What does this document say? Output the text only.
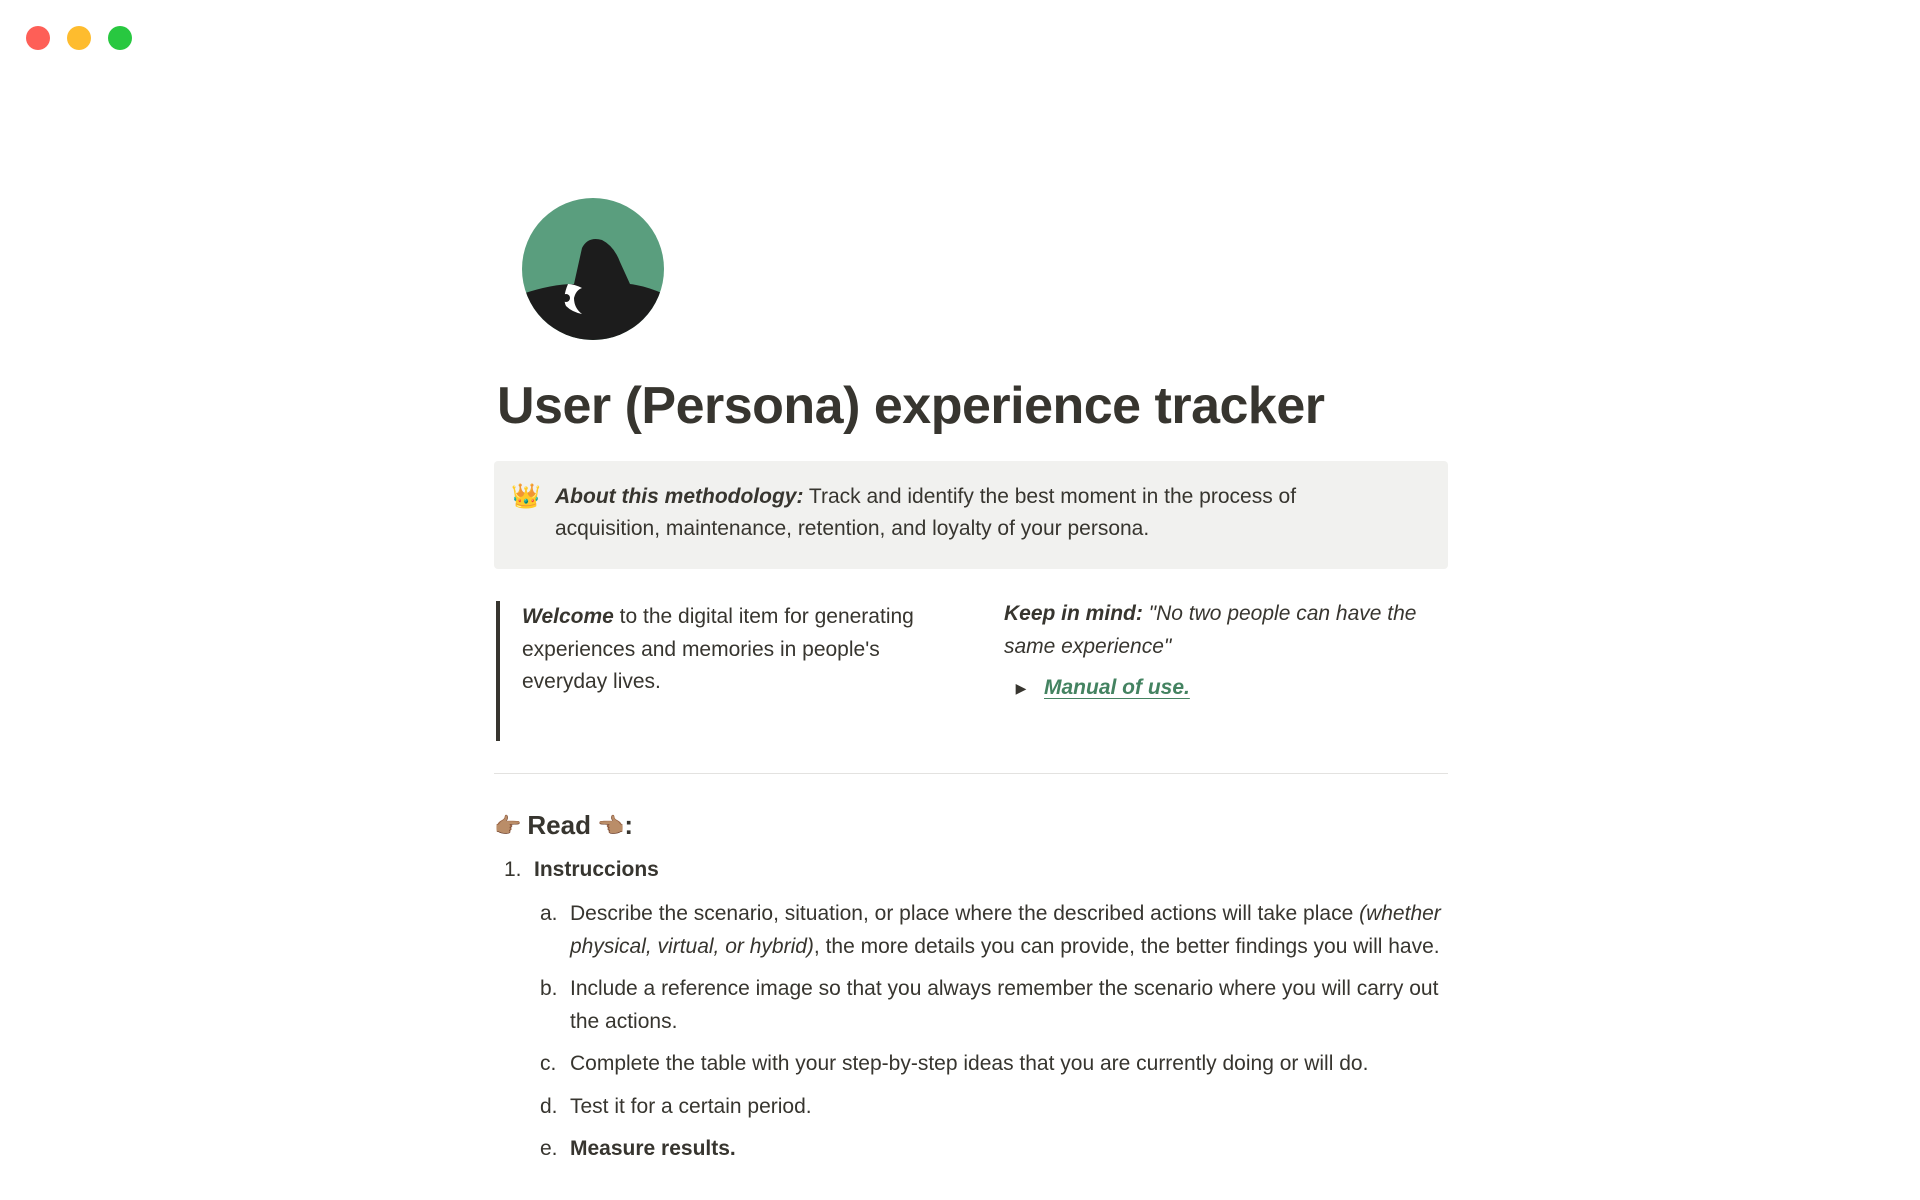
User (Persona) experience tracker
👑 About this methodology: Track and identify the best moment in the process of acquisition, maintenance, retention, and loyalty of your persona.
Welcome to the digital item for generating experiences and memories in people's everyday lives.
Keep in mind: "No two people can have the same experience"
▶ Manual of use.
👉🏽 Read 👈🏽 :
1. Instruccions
a. Describe the scenario, situation, or place where the described actions will take place (whether physical, virtual, or hybrid), the more details you can provide, the better findings you will have.
b. Include a reference image so that you always remember the scenario where you will carry out the actions.
c. Complete the table with your step-by-step ideas that you are currently doing or will do.
d. Test it for a certain period.
e. Measure results.
